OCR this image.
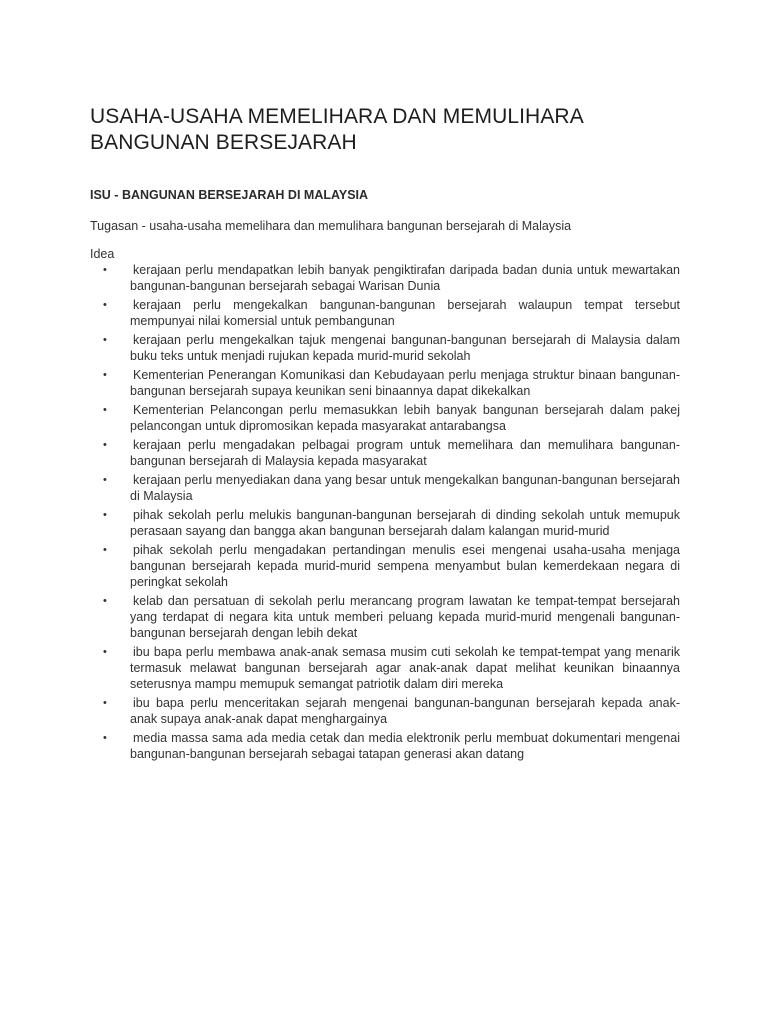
USAHA-USAHA MEMELIHARA DAN MEMULIHARA
BANGUNAN BERSEJARAH
ISU - BANGUNAN BERSEJARAH DI MALAYSIA
Tugasan - usaha-usaha memelihara dan memulihara bangunan bersejarah di Malaysia
Idea
• kerajaan perlu mendapatkan lebih banyak pengiktirafan daripada badan dunia untuk mewartakan bangunan-bangunan bersejarah sebagai Warisan Dunia
• kerajaan perlu mengekalkan bangunan-bangunan bersejarah walaupun tempat tersebut mempunyai nilai komersial untuk pembangunan
• kerajaan perlu mengekalkan tajuk mengenai bangunan-bangunan bersejarah di Malaysia dalam buku teks untuk menjadi rujukan kepada murid-murid sekolah
• Kementerian Penerangan Komunikasi dan Kebudayaan perlu menjaga struktur binaan bangunan-bangunan bersejarah supaya keunikan seni binaannya dapat dikekalkan
• Kementerian Pelancongan perlu memasukkan lebih banyak bangunan bersejarah dalam pakej pelancongan untuk dipromosikan kepada masyarakat antarabangsa
• kerajaan perlu mengadakan pelbagai program untuk memelihara dan memulihara bangunan-bangunan bersejarah di Malaysia kepada masyarakat
• kerajaan perlu menyediakan dana yang besar untuk mengekalkan bangunan-bangunan bersejarah di Malaysia
• pihak sekolah perlu melukis bangunan-bangunan bersejarah di dinding sekolah untuk memupuk perasaan sayang dan bangga akan bangunan bersejarah dalam kalangan murid-murid
• pihak sekolah perlu mengadakan pertandingan menulis esei mengenai usaha-usaha menjaga bangunan bersejarah kepada murid-murid sempena menyambut bulan kemerdekaan negara di peringkat sekolah
• kelab dan persatuan di sekolah perlu merancang program lawatan ke tempat-tempat bersejarah yang terdapat di negara kita untuk memberi peluang kepada murid-murid mengenali bangunan-bangunan bersejarah dengan lebih dekat
• ibu bapa perlu membawa anak-anak semasa musim cuti sekolah ke tempat-tempat yang menarik termasuk melawat bangunan bersejarah agar anak-anak dapat melihat keunikan binaannya seterusnya mampu memupuk semangat patriotik dalam diri mereka
• ibu bapa perlu menceritakan sejarah mengenai bangunan-bangunan bersejarah kepada anak-anak supaya anak-anak dapat menghargainya
• media massa sama ada media cetak dan media elektronik perlu membuat dokumentari mengenai bangunan-bangunan bersejarah sebagai tatapan generasi akan datang
